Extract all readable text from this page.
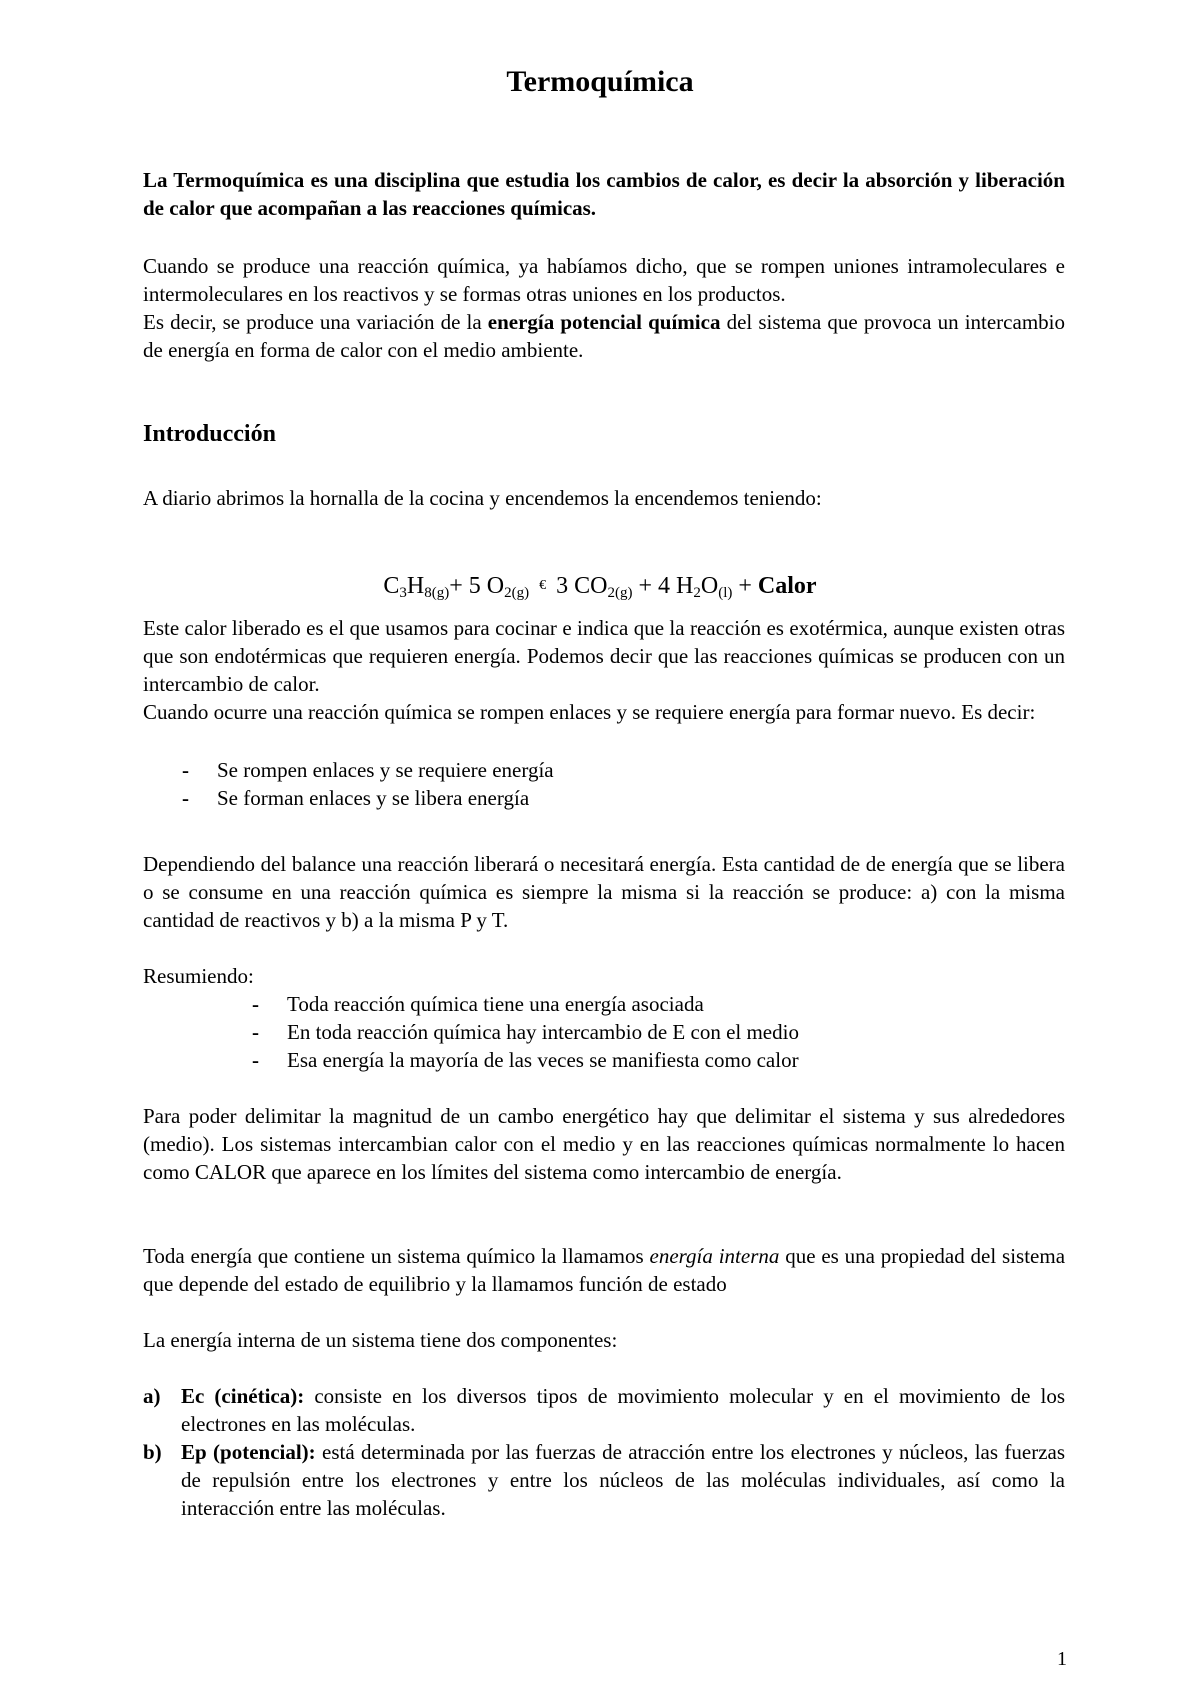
Termoquímica

La Termoquímica es una disciplina que estudia los cambios de calor, es decir la absorción y liberación de calor que acompañan a las reacciones químicas.

Cuando se produce una reacción química, ya habíamos dicho, que se rompen uniones intramoleculares e intermoleculares en los reactivos y se formas otras uniones en los productos.

Es decir, se produce una variación de la energía potencial química del sistema que provoca un intercambio de energía en forma de calor con el medio ambiente.

Introducción

A diario abrimos la hornalla de la cocina y encendemos la encendemos teniendo:

$C_3H_{8(g)}+ 5$ $O_{2(g)}$ € 3 $CO_{2(g)} + 4$ $H_2O_{(l)}$ + Calor

Este calor liberado es el que usamos para cocinar e indica que la reacción es exotérmica, aunque existen otras que son endotérmicas que requieren energía. Podemos decir que las reacciones químicas se producen con un intercambio de calor.

Cuando ocurre una reacción química se rompen enlaces y se requiere energía para formar nuevo. Es decir:

- Se rompen enlaces y se requiere energía
- Se forman enlaces y se libera energía

Dependiendo del balance una reacción liberará o necesitará energía. Esta cantidad de de energía que se libera o se consume en una reacción química es siempre la misma si la reacción se produce: a) con la misma cantidad de reactivos y b) a la misma P y T.

Resumiendo:

- Toda reacción química tiene una energía asociada
- En toda reacción química hay intercambio de E con el medio
- Esa energía la mayoría de las veces se manifiesta como calor

Para poder delimitar la magnitud de un cambo energético hay que delimitar el sistema y sus alrededores (medio). Los sistemas intercambian calor con el medio y en las reacciones químicas normalmente lo hacen como CALOR que aparece en los límites del sistema como intercambio de energía.

Toda energía que contiene un sistema químico la llamamos energía interna que es una propiedad del sistema que depende del estado de equilibrio y la llamamos función de estado

La energía interna de un sistema tiene dos componentes:

a) Ec (cinética): consiste en los diversos tipos de movimiento molecular y en el movimiento de los electrones en las moléculas.
b) Ep (potencial): está determinada por las fuerzas de atracción entre los electrones y núcleos, las fuerzas de repulsión entre los electrones y entre los núcleos de las moléculas individuales, así como la interacción entre las moléculas.
1
